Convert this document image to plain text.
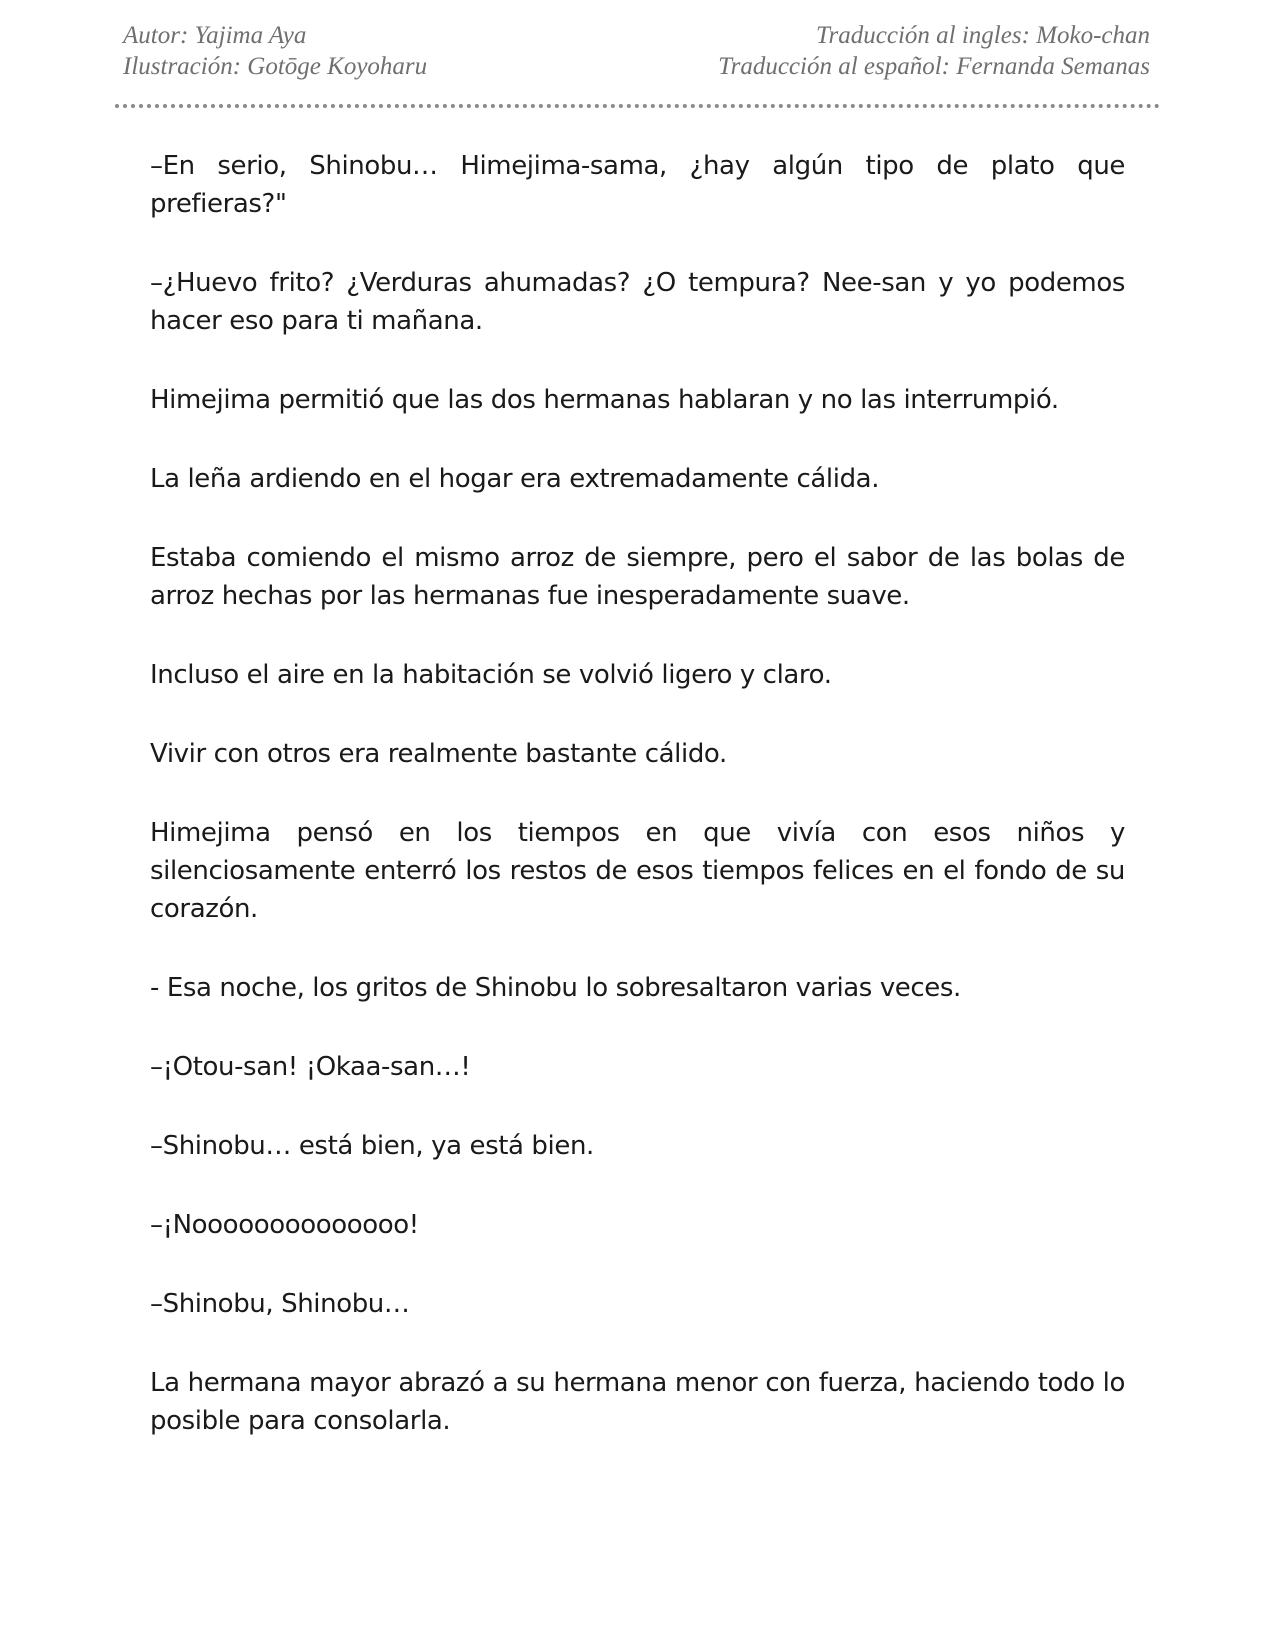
Autor: Yajima Aya	Traducción al ingles: Moko-chan
Ilustración: Gotōge Koyoharu	Traducción al español: Fernanda Semanas

–En serio, Shinobu… Himejima-sama, ¿hay algún tipo de plato que prefieras?"

–¿Huevo frito? ¿Verduras ahumadas? ¿O tempura? Nee-san y yo podemos hacer eso para ti mañana.

Himejima permitió que las dos hermanas hablaran y no las interrumpió.

La leña ardiendo en el hogar era extremadamente cálida.

Estaba comiendo el mismo arroz de siempre, pero el sabor de las bolas de arroz hechas por las hermanas fue inesperadamente suave.

Incluso el aire en la habitación se volvió ligero y claro.

Vivir con otros era realmente bastante cálido.

Himejima pensó en los tiempos en que vivía con esos niños y silenciosamente enterró los restos de esos tiempos felices en el fondo de su corazón.

- Esa noche, los gritos de Shinobu lo sobresaltaron varias veces.

–¡Otou-san! ¡Okaa-san…!

–Shinobu… está bien, ya está bien.

–¡Noooooooooooooo!

–Shinobu, Shinobu…

La hermana mayor abrazó a su hermana menor con fuerza, haciendo todo lo posible para consolarla.
